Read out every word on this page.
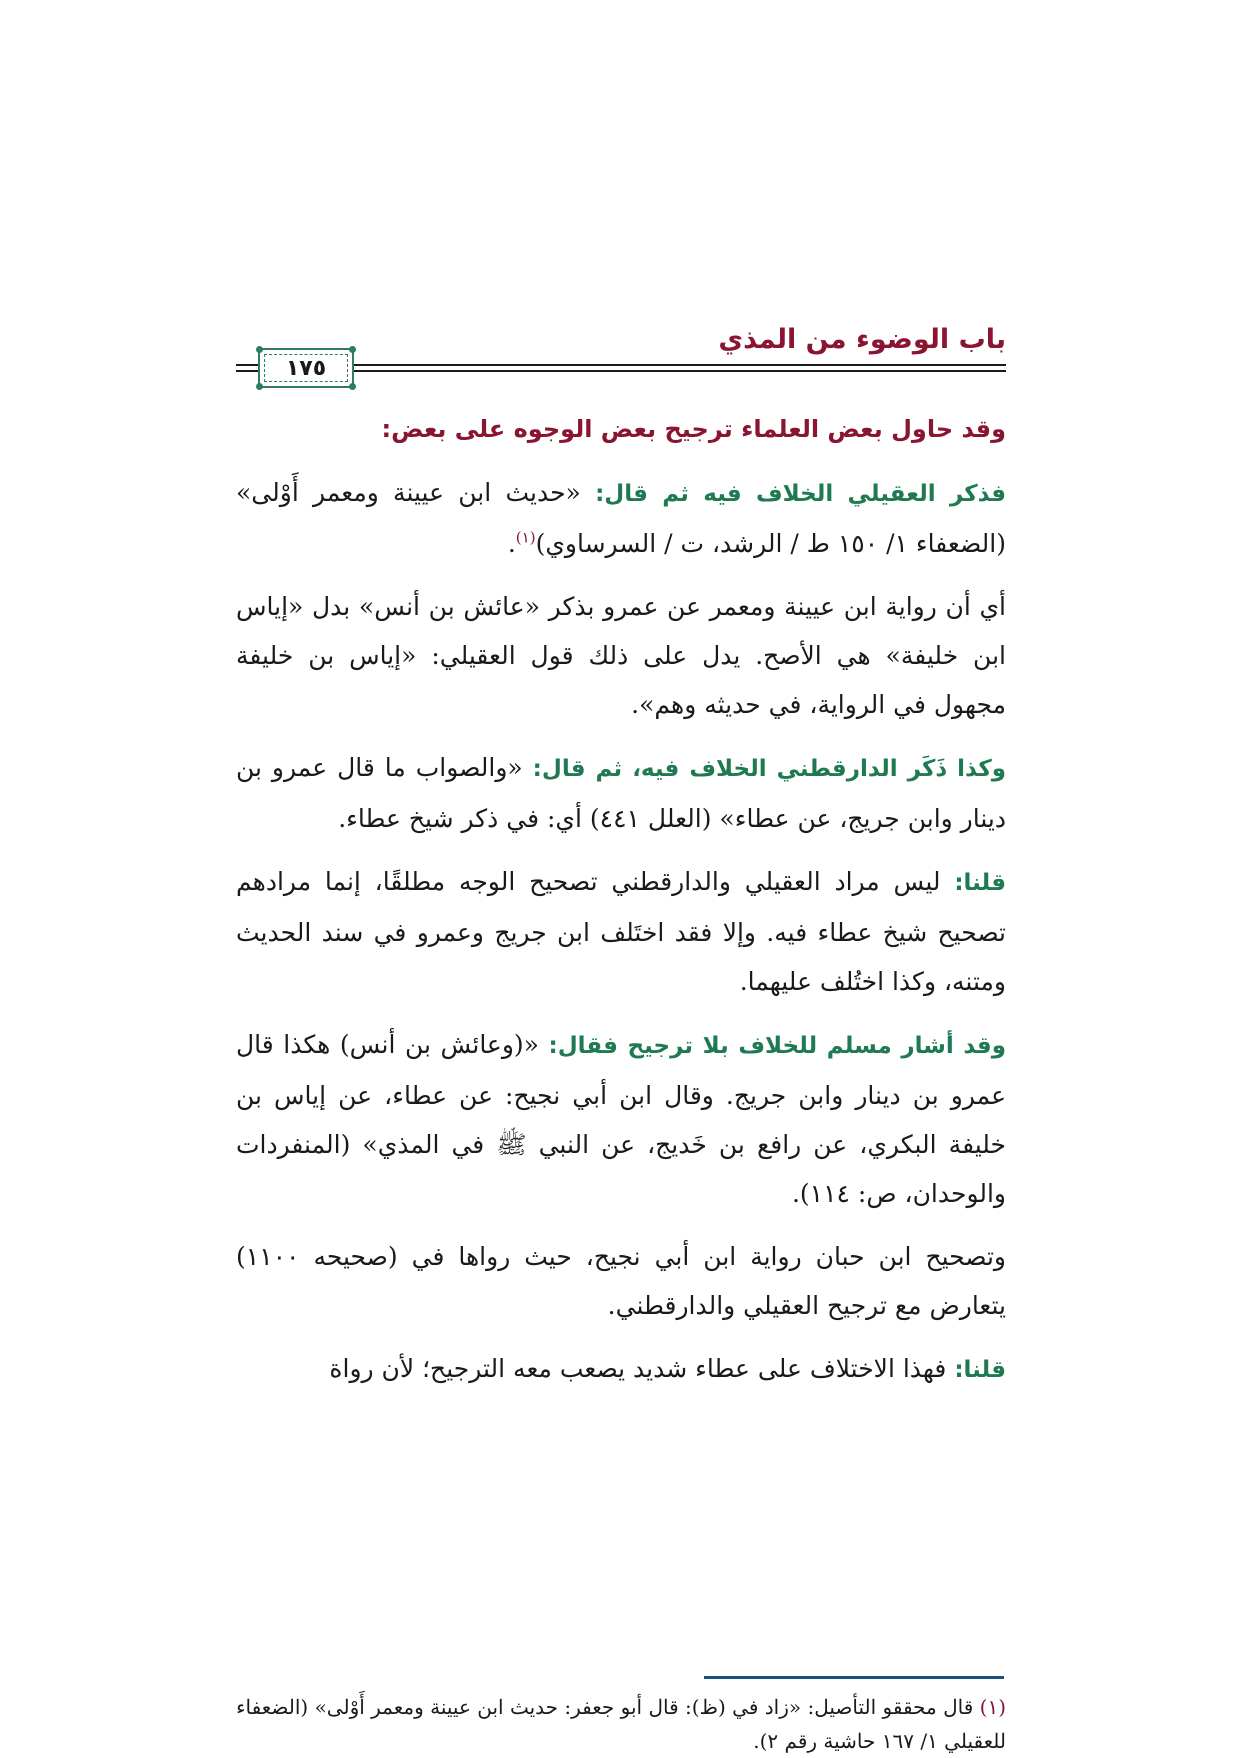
باب الوضوء من المذي
١٧٥

وقد حاول بعض العلماء ترجيح بعض الوجوه على بعض:

فذكر العقيلي الخلاف فيه ثم قال: «حديث ابن عيينة ومعمر أَوْلى» (الضعفاء ١/ ١٥٠ ط / الرشد، ت / السرساوي)$^{(١)}$.

أي أن رواية ابن عيينة ومعمر عن عمرو بذكر «عائش بن أنس» بدل «إياس ابن خليفة» هي الأصح. يدل على ذلك قول العقيلي: «إياس بن خليفة مجهول في الرواية، في حديثه وهم».

وكذا ذَكَر الدارقطني الخلاف فيه، ثم قال: «والصواب ما قال عمرو بن دينار وابن جريج، عن عطاء» (العلل ٤٤١) أي: في ذكر شيخ عطاء.

قلنا: ليس مراد العقيلي والدارقطني تصحيح الوجه مطلقًا، إنما مرادهم تصحيح شيخ عطاء فيه. وإلا فقد اختَلف ابن جريج وعمرو في سند الحديث ومتنه، وكذا اختُلف عليهما.

وقد أشار مسلم للخلاف بلا ترجيح فقال: «(وعائش بن أنس) هكذا قال عمرو بن دينار وابن جريج. وقال ابن أبي نجيح: عن عطاء، عن إياس بن خليفة البكري، عن رافع بن خَديج، عن النبي ﷺ في المذي» (المنفردات والوحدان، ص: ١١٤).

وتصحيح ابن حبان رواية ابن أبي نجيح، حيث رواها في (صحيحه ١١٠٠) يتعارض مع ترجيح العقيلي والدارقطني.

قلنا: فهذا الاختلاف على عطاء شديد يصعب معه الترجيح؛ لأن رواة

(١) قال محققو التأصيل: «زاد في (ظ): قال أبو جعفر: حديث ابن عيينة ومعمر أَوْلى» (الضعفاء للعقيلي ١/ ١٦٧ حاشية رقم ٢).
